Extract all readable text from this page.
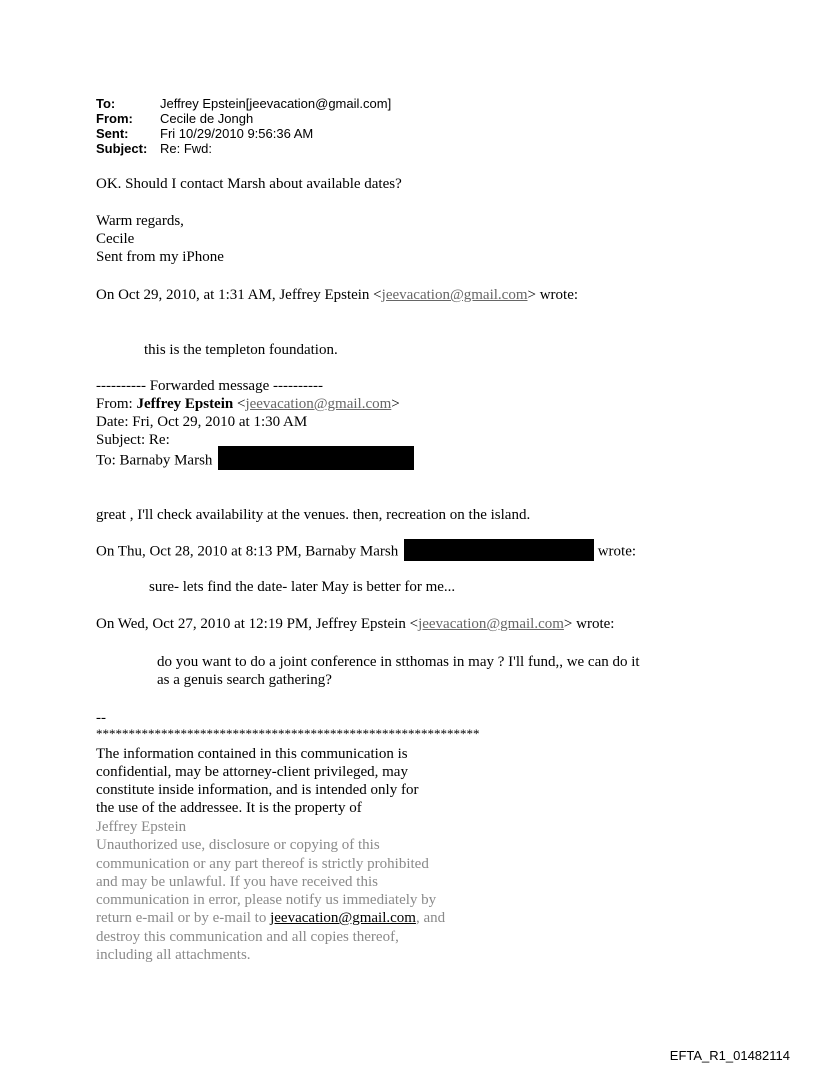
To:	Jeffrey Epstein[jeevacation@gmail.com]
From:	Cecile de Jongh
Sent:	Fri 10/29/2010 9:56:36 AM
Subject: Re: Fwd:
OK. Should I contact Marsh about available dates?
Warm regards,
Cecile
Sent from my iPhone
On Oct 29, 2010, at 1:31 AM, Jeffrey Epstein <jeevacation@gmail.com> wrote:
this is the templeton foundation.
---------- Forwarded message ----------
From: Jeffrey Epstein <jeevacation@gmail.com>
Date: Fri, Oct 29, 2010 at 1:30 AM
Subject: Re:
To: Barnaby Marsh
great , I'll check availability at the venues. then, recreation on the island.
On Thu, Oct 28, 2010 at 8:13 PM, Barnaby Marsh	wrote:
sure- lets find the date- later May is better for me...
On Wed, Oct 27, 2010 at 12:19 PM, Jeffrey Epstein <jeevacation@gmail.com> wrote:
do you want to do a joint conference in stthomas in may ? I'll fund,, we can do it
as a genuis search gathering?
--
***********************************************************
The information contained in this communication is
confidential, may be attorney-client privileged, may
constitute inside information, and is intended only for
the use of the addressee. It is the property of
Jeffrey Epstein
Unauthorized use, disclosure or copying of this
communication or any part thereof is strictly prohibited
and may be unlawful. If you have received this
communication in error, please notify us immediately by
return e-mail or by e-mail to jeevacation@gmail.com, and
destroy this communication and all copies thereof,
including all attachments.
EFTA_R1_01482114
